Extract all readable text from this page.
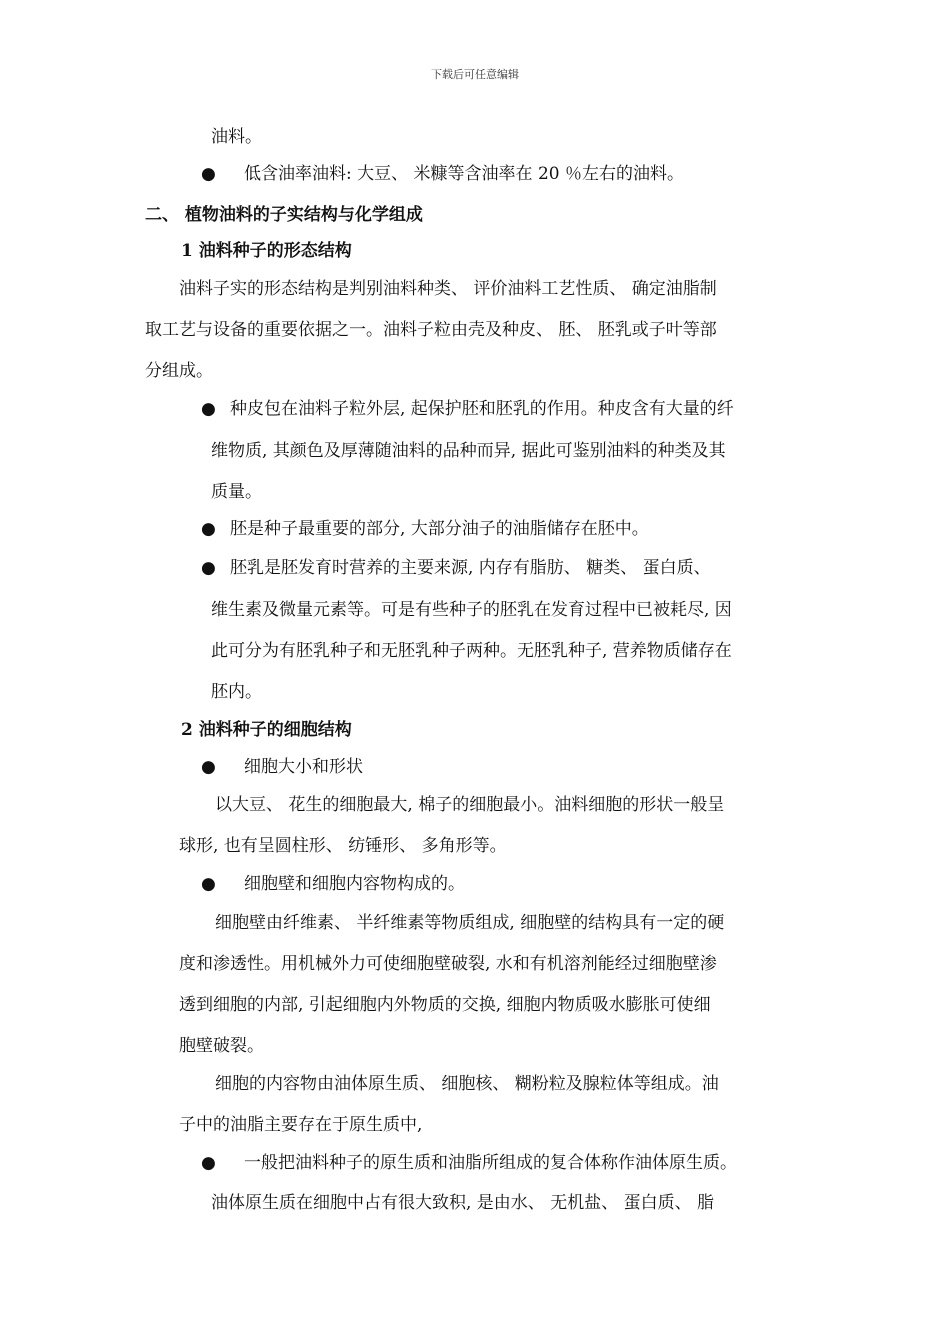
下载后可任意编辑
油料。
● 低含油率油料: 大豆、 米糠等含油率在 20 ％左右的油料。
二、 植物油料的子实结构与化学组成
1 油料种子的形态结构
油料子实的形态结构是判别油料种类、 评价油料工艺性质、 确定油脂制
取工艺与设备的重要依据之一。油料子粒由壳及种皮、 胚、 胚乳或子叶等部
分组成。
● 种皮包在油料子粒外层, 起保护胚和胚乳的作用。种皮含有大量的纤
维物质, 其颜色及厚薄随油料的品种而异, 据此可鉴别油料的种类及其
质量。
● 胚是种子最重要的部分, 大部分油子的油脂储存在胚中。
● 胚乳是胚发育时营养的主要来源, 内存有脂肪、 糖类、 蛋白质、
维生素及微量元素等。可是有些种子的胚乳在发育过程中已被耗尽, 因
此可分为有胚乳种子和无胚乳种子两种。无胚乳种子, 营养物质储存在
胚内。
2 油料种子的细胞结构
● 细胞大小和形状
以大豆、 花生的细胞最大, 棉子的细胞最小。油料细胞的形状一般呈
球形, 也有呈圆柱形、 纺锤形、 多角形等。
● 细胞壁和细胞内容物构成的。
细胞壁由纤维素、 半纤维素等物质组成, 细胞壁的结构具有一定的硬
度和渗透性。用机械外力可使细胞壁破裂, 水和有机溶剂能经过细胞壁渗
透到细胞的内部, 引起细胞内外物质的交换, 细胞内物质吸水膨胀可使细
胞壁破裂。
细胞的内容物由油体原生质、 细胞核、 糊粉粒及腺粒体等组成。油
子中的油脂主要存在于原生质中,
● 一般把油料种子的原生质和油脂所组成的复合体称作油体原生质。
油体原生质在细胞中占有很大致积, 是由水、 无机盐、 蛋白质、 脂
